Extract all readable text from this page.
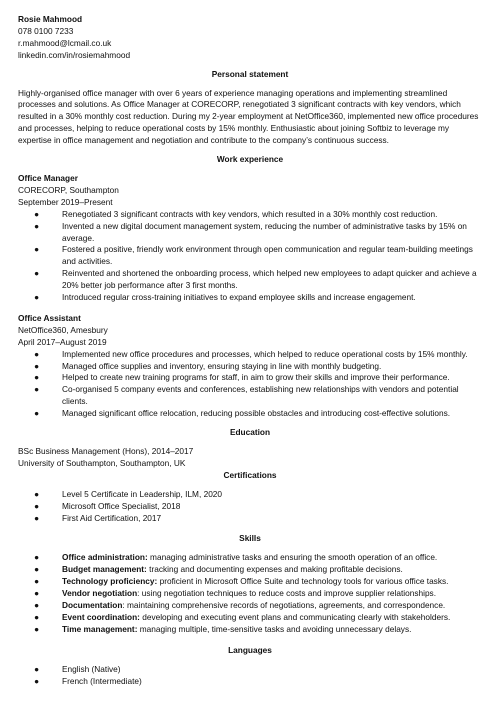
Rosie Mahmood
078 0100 7233
r.mahmood@lcmail.co.uk
linkedin.com/in/rosiemahmood
Personal statement

Highly-organised office manager with over 6 years of experience managing operations and implementing streamlined processes and solutions. As Office Manager at CORECORP, renegotiated 3 significant contracts with key vendors, which resulted in a 30% monthly cost reduction. During my 2-year employment at NetOffice360, implemented new office procedures and processes, helping to reduce operational costs by 15% monthly. Enthusiastic about joining Softbiz to leverage my expertise in office management and negotiation and contribute to the company’s continuous success.

Work experience
Office Manager
CORECORP, Southampton
September 2019–Present
●	Renegotiated 3 significant contracts with key vendors, which resulted in a 30% monthly cost reduction.
●	Invented a new digital document management system, reducing the number of administrative tasks by 15% on average.
●	Fostered a positive, friendly work environment through open communication and regular team-building meetings and activities.
●	Reinvented and shortened the onboarding process, which helped new employees to adapt quicker and achieve a 20% better job performance after 3 first months.
●	Introduced regular cross-training initiatives to expand employee skills and increase engagement.
Office Assistant
NetOffice360, Amesbury
April 2017–August 2019
●	Implemented new office procedures and processes, which helped to reduce operational costs by 15% monthly.
●	Managed office supplies and inventory, ensuring staying in line with monthly budgeting.
●	Helped to create new training programs for staff, in aim to grow their skills and improve their performance.
●	Co-organised 5 company events and conferences, establishing new relationships with vendors and potential clients.
●	Managed significant office relocation, reducing possible obstacles and introducing cost-effective solutions.
Education
BSc Business Management (Hons), 2014–2017
University of Southampton, Southampton, UK
Certifications
●	Level 5 Certificate in Leadership, ILM, 2020
●	Microsoft Office Specialist, 2018
●	First Aid Certification, 2017
Skills
●	Office administration: managing administrative tasks and ensuring the smooth operation of an office.
●	Budget management: tracking and documenting expenses and making profitable decisions.
●	Technology proficiency: proficient in Microsoft Office Suite and technology tools for various office tasks.
●	Vendor negotiation: using negotiation techniques to reduce costs and improve supplier relationships.
●	Documentation: maintaining comprehensive records of negotiations, agreements, and correspondence.
●	Event coordination: developing and executing event plans and communicating clearly with stakeholders.
●	Time management: managing multiple, time-sensitive tasks and avoiding unnecessary delays.
Languages
●	English (Native)
●	French (Intermediate)
